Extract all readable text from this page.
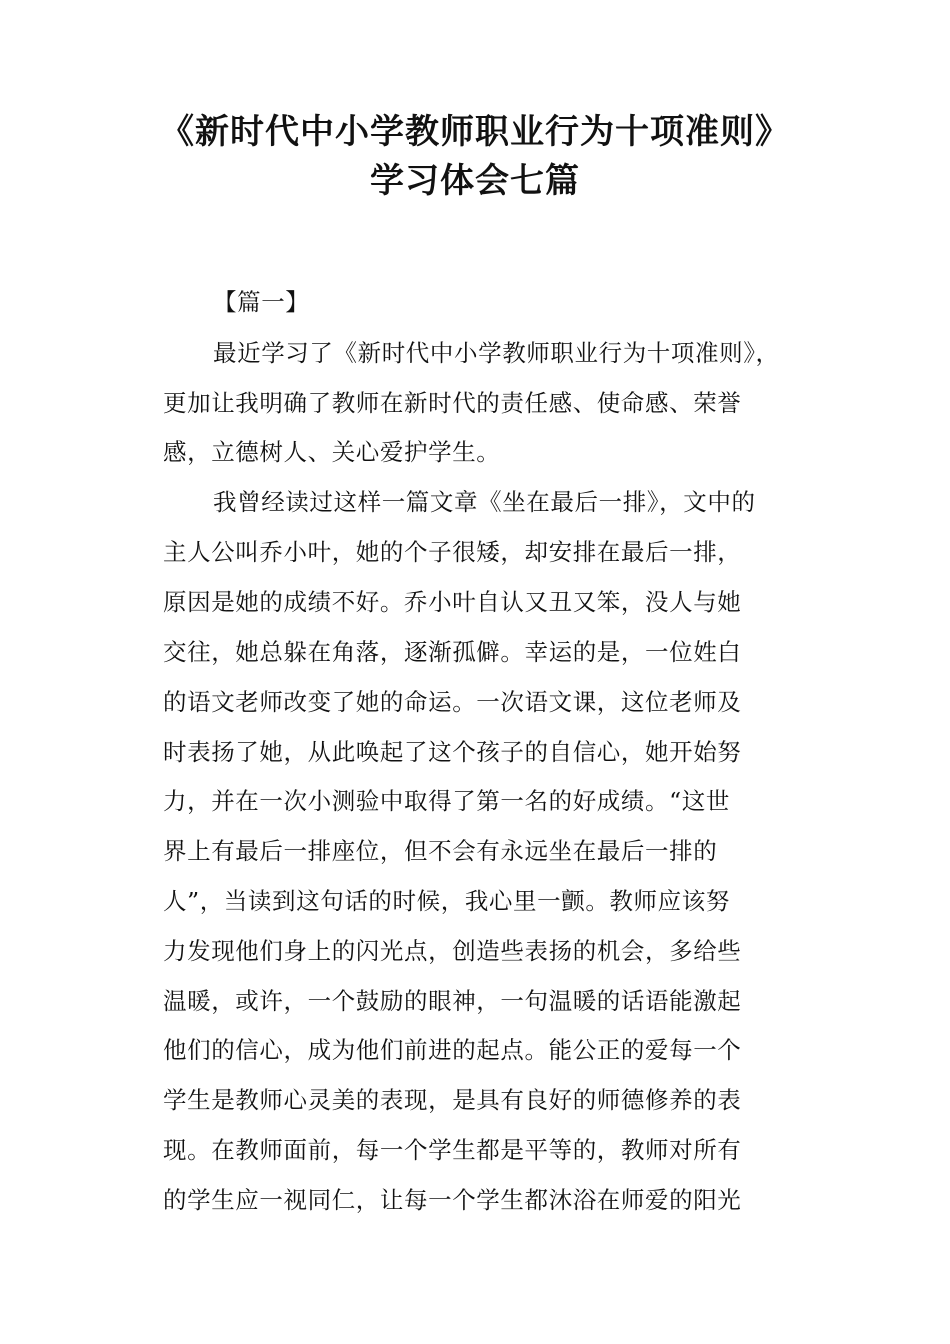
《新时代中小学教师职业行为十项准则》
学习体会七篇
【篇一】
最近学习了《新时代中小学教师职业行为十项准则》，
更加让我明确了教师在新时代的责任感、使命感、荣誉
感，立德树人、关心爱护学生。
我曾经读过这样一篇文章《坐在最后一排》，文中的
主人公叫乔小叶，她的个子很矮，却安排在最后一排，
原因是她的成绩不好。乔小叶自认又丑又笨，没人与她
交往，她总躲在角落，逐渐孤僻。幸运的是，一位姓白
的语文老师改变了她的命运。一次语文课，这位老师及
时表扬了她，从此唤起了这个孩子的自信心，她开始努
力，并在一次小测验中取得了第一名的好成绩。“这世
界上有最后一排座位，但不会有永远坐在最后一排的
人”，当读到这句话的时候，我心里一颤。教师应该努
力发现他们身上的闪光点，创造些表扬的机会，多给些
温暖，或许，一个鼓励的眼神，一句温暖的话语能激起
他们的信心，成为他们前进的起点。能公正的爱每一个
学生是教师心灵美的表现，是具有良好的师德修养的表
现。在教师面前，每一个学生都是平等的，教师对所有
的学生应一视同仁，让每一个学生都沐浴在师爱的阳光
